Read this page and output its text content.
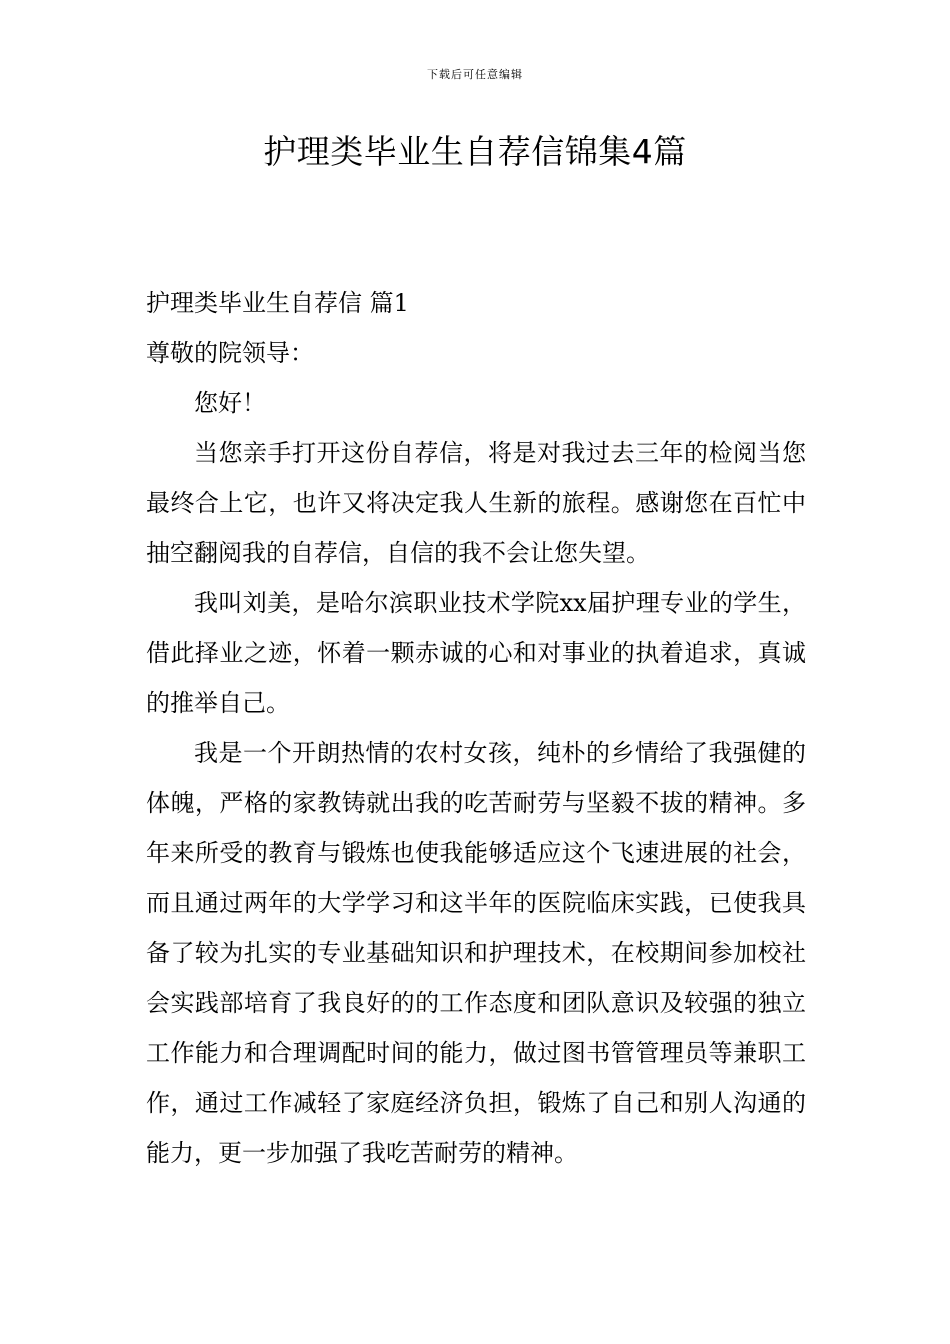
下载后可任意编辑
护理类毕业生自荐信锦集4篇
护理类毕业生自荐信 篇1
尊敬的院领导：
您好！

当您亲手打开这份自荐信，将是对我过去三年的检阅当您最终合上它，也许又将决定我人生新的旅程。感谢您在百忙中抽空翻阅我的自荐信，自信的我不会让您失望。

我叫刘美，是哈尔滨职业技术学院xx届护理专业的学生，借此择业之迹，怀着一颗赤诚的心和对事业的执着追求，真诚的推举自己。

我是一个开朗热情的农村女孩，纯朴的乡情给了我强健的体魄，严格的家教铸就出我的吃苦耐劳与坚毅不拔的精神。多年来所受的教育与锻炼也使我能够适应这个飞速进展的社会，而且通过两年的大学学习和这半年的医院临床实践，已使我具备了较为扎实的专业基础知识和护理技术，在校期间参加校社会实践部培育了我良好的的工作态度和团队意识及较强的独立工作能力和合理调配时间的能力，做过图书管管理员等兼职工作，通过工作减轻了家庭经济负担，锻炼了自己和别人沟通的能力，更一步加强了我吃苦耐劳的精神。
